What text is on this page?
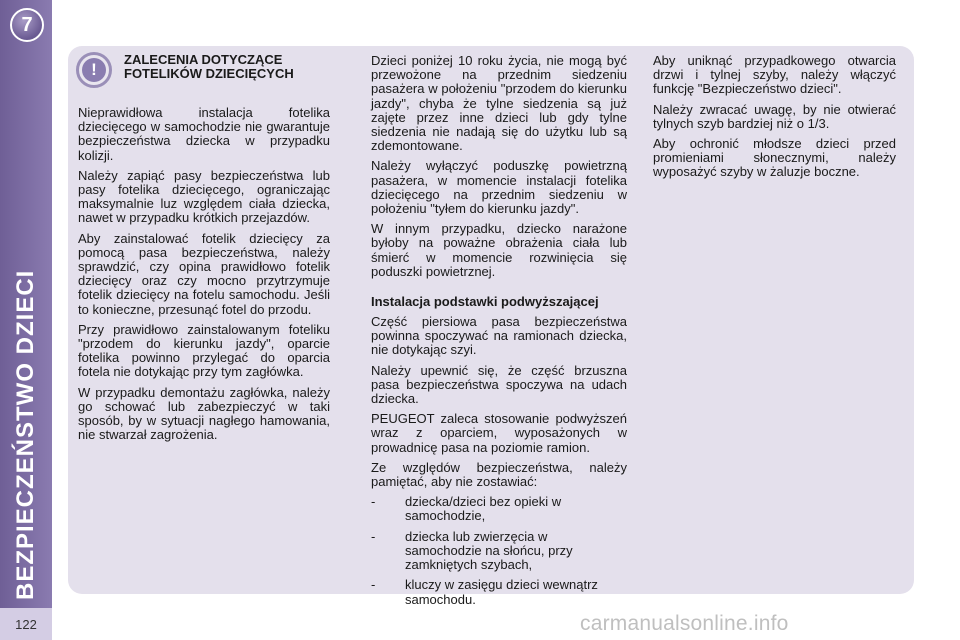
7
BEZPIECZEŃSTWO DZIECI
122
!
ZALECENIA DOTYCZĄCE FOTELIKÓW DZIECIĘCYCH

Nieprawidłowa instalacja fotelika dziecięcego w samochodzie nie gwarantuje bezpieczeństwa dziecka w przypadku kolizji.

Należy zapiąć pasy bezpieczeństwa lub pasy fotelika dziecięcego, ograniczając maksymalnie luz względem ciała dziecka, nawet w przypadku krótkich przejazdów.

Aby zainstalować fotelik dziecięcy za pomocą pasa bezpieczeństwa, należy sprawdzić, czy opina prawidłowo fotelik dziecięcy oraz czy mocno przytrzymuje fotelik dziecięcy na fotelu samochodu. Jeśli to konieczne, przesunąć fotel do przodu.

Przy prawidłowo zainstalowanym foteliku "przodem do kierunku jazdy", oparcie fotelika powinno przylegać do oparcia fotela nie dotykając przy tym zagłówka.

W przypadku demontażu zagłówka, należy go schować lub zabezpieczyć w taki sposób, by w sytuacji nagłego hamowania, nie stwarzał zagrożenia.

Dzieci poniżej 10 roku życia, nie mogą być przewożone na przednim siedzeniu pasażera w położeniu "przodem do kierunku jazdy", chyba że tylne siedzenia są już zajęte przez inne dzieci lub gdy tylne siedzenia nie nadają się do użytku lub są zdemontowane.

Należy wyłączyć poduszkę powietrzną pasażera, w momencie instalacji fotelika dziecięcego na przednim siedzeniu w położeniu "tyłem do kierunku jazdy".

W innym przypadku, dziecko narażone byłoby na poważne obrażenia ciała lub śmierć w momencie rozwinięcia się poduszki powietrznej.

Instalacja podstawki podwyższającej

Część piersiowa pasa bezpieczeństwa powinna spoczywać na ramionach dziecka, nie dotykając szyi.

Należy upewnić się, że część brzuszna pasa bezpieczeństwa spoczywa na udach dziecka.

PEUGEOT zaleca stosowanie podwyższeń wraz z oparciem, wyposażonych w prowadnicę pasa na poziomie ramion.

Ze względów bezpieczeństwa, należy pamiętać, aby nie zostawiać:

- dziecka/dzieci bez opieki w samochodzie,
- dziecka lub zwierzęcia w samochodzie na słońcu, przy zamkniętych szybach,
- kluczy w zasięgu dzieci wewnątrz samochodu.

Aby uniknąć przypadkowego otwarcia drzwi i tylnej szyby, należy włączyć funkcję "Bezpieczeństwo dzieci".

Należy zwracać uwagę, by nie otwierać tylnych szyb bardziej niż o 1/3.

Aby ochronić młodsze dzieci przed promieniami słonecznymi, należy wyposażyć szyby w żaluzje boczne.

carmanualsonline.info
